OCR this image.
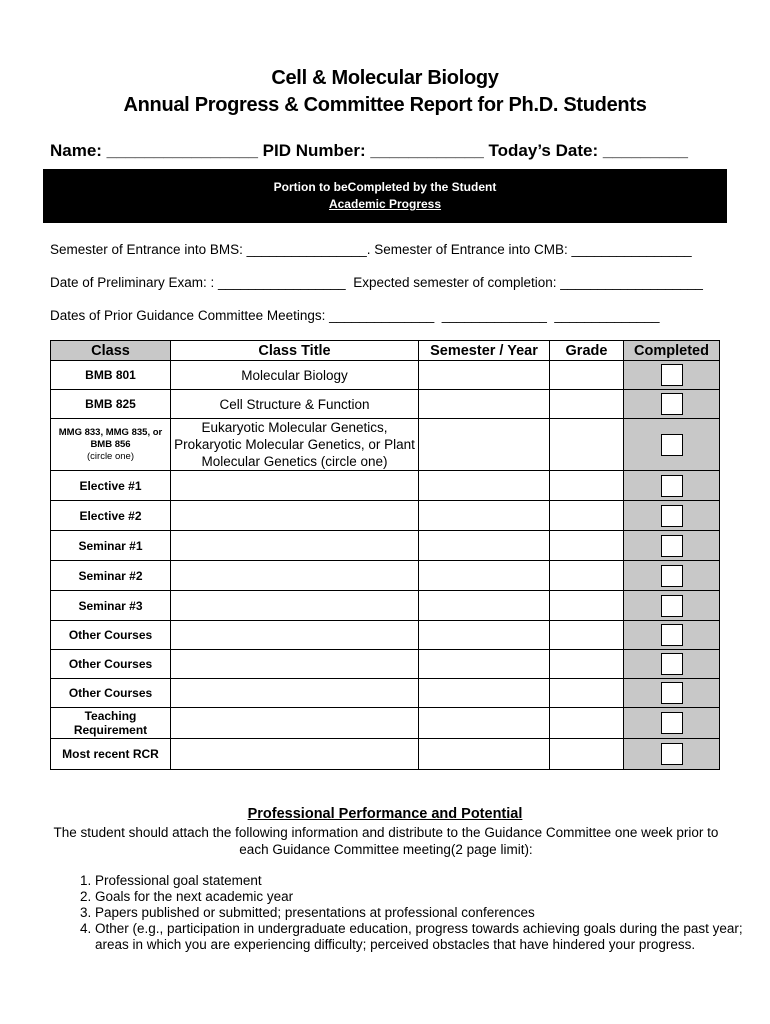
Cell & Molecular Biology
Annual Progress & Committee Report for Ph.D. Students
Name: ________________ PID Number: ____________ Today’s Date: _________
Portion to beCompleted by the Student
Academic Progress
Semester of Entrance into BMS: ________________. Semester of Entrance into CMB: ________________
Date of Preliminary Exam: : _________________  Expected semester of completion: ___________________
Dates of Prior Guidance Committee Meetings: ______________  ______________  ______________
Class	Class Title	Semester / Year	Grade	Completed
BMB 801	Molecular Biology			
BMB 825	Cell Structure & Function			

MMG 833, MMG 835, or BMB 856
(circle one)	Eukaryotic Molecular Genetics, Prokaryotic Molecular Genetics, or Plant Molecular Genetics (circle one)			
Elective #1				
Elective #2				
Seminar #1				
Seminar #2				
Seminar #3				
Other Courses				
Other Courses				
Other Courses				
Teaching Requirement				
Most recent RCR				
Professional Performance and Potential
The student should attach the following information and distribute to the Guidance Committee one week prior to each Guidance Committee meeting(2 page limit):
1. Professional goal statement
2. Goals for the next academic year
3. Papers published or submitted; presentations at professional conferences
4. Other (e.g., participation in undergraduate education, progress towards achieving goals during the past year; areas in which you are experiencing difficulty; perceived obstacles that have hindered your progress.
